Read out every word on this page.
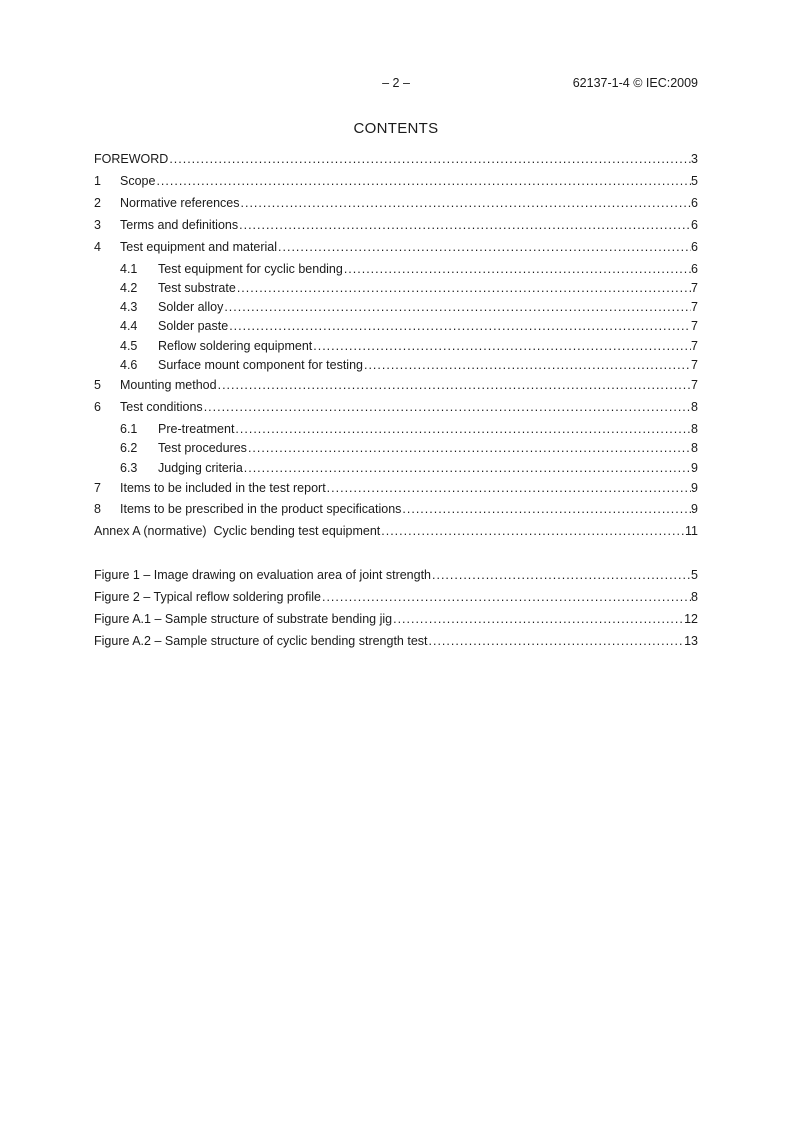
– 2 –	62137-1-4 © IEC:2009
CONTENTS
FOREWORD .....	3
1	Scope .....	5
2	Normative references .....	6
3	Terms and definitions .....	6
4	Test equipment and material .....	6
4.1	Test equipment for cyclic bending .....	6
4.2	Test substrate .....	7
4.3	Solder alloy .....	7
4.4	Solder paste .....	7
4.5	Reflow soldering equipment .....	7
4.6	Surface mount component for testing .....	7
5	Mounting method .....	7
6	Test conditions .....	8
6.1	Pre-treatment .....	8
6.2	Test procedures .....	8
6.3	Judging criteria .....	9
7	Items to be included in the test report .....	9
8	Items to be prescribed in the product specifications .....	9
Annex A (normative)  Cyclic bending test equipment .....	11
Figure 1 – Image drawing on evaluation area of joint strength .....	5
Figure 2 – Typical reflow soldering profile .....	8
Figure A.1 – Sample structure of substrate bending jig .....	12
Figure A.2 – Sample structure of cyclic bending strength test .....	13
